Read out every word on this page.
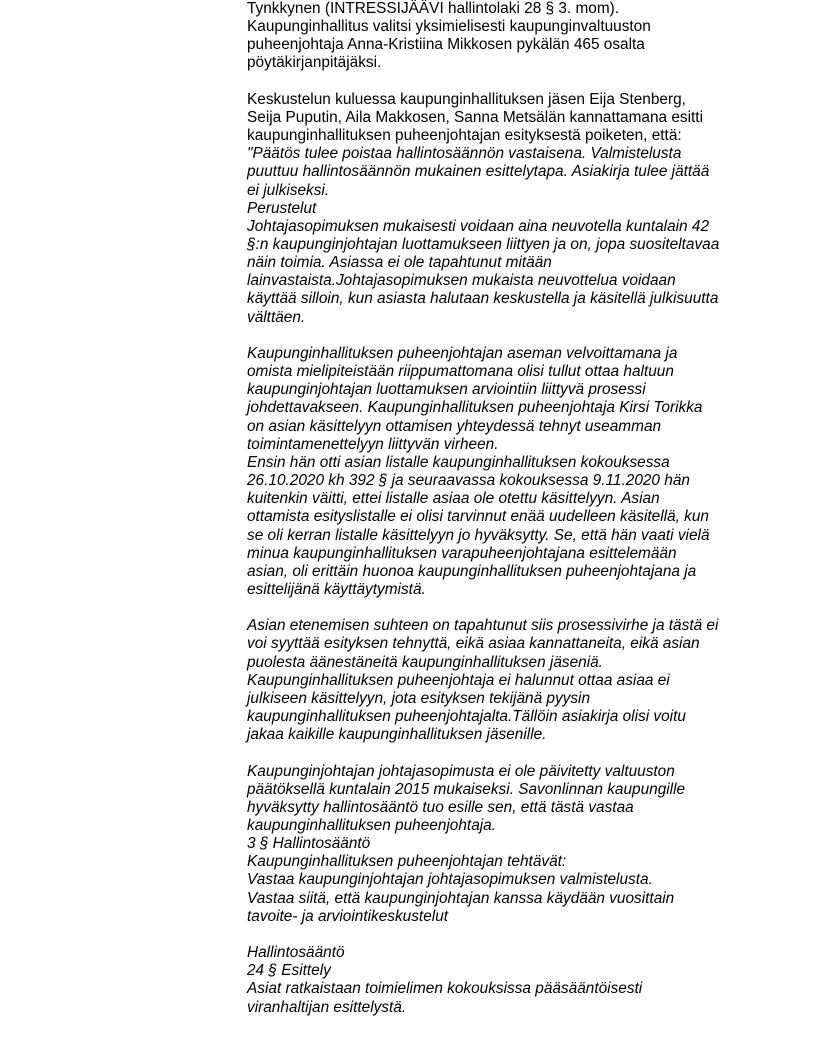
Tynkkynen (INTRESSIJÄÄVI hallintolaki 28 § 3. mom).
Kaupunginhallitus valitsi yksimielisesti kaupunginvaltuuston
puheenjohtaja Anna-Kristiina Mikkosen pykälän 465 osalta
pöytäkirjanpitäjäksi.
Keskustelun kuluessa kaupunginhallituksen jäsen Eija Stenberg,
Seija Puputin, Aila Makkosen, Sanna Metsälän kannattamana esitti
kaupunginhallituksen puheenjohtajan esityksestä poiketen, että:
"Päätös tulee poistaa hallintosäännön vastaisena. Valmistelusta
puuttuu hallintosäännön mukainen esittelytapa. Asiakirja tulee jättää
ei julkiseksi.
Perustelut
Johtajasopimuksen mukaisesti voidaan aina neuvotella kuntalain 42
§:n kaupunginjohtajan luottamukseen liittyen ja on, jopa suositeltavaa
näin toimia. Asiassa ei ole tapahtunut mitään
lainvastaista.Johtajasopimuksen mukaista neuvottelua voidaan
käyttää silloin, kun asiasta halutaan keskustella ja käsitellä julkisuutta
välttäen.
Kaupunginhallituksen puheenjohtajan aseman velvoittamana ja
omista mielipiteistään riippumattomana olisi tullut ottaa haltuun
kaupunginjohtajan luottamuksen arviointiin liittyvä prosessi
johdettavakseen. Kaupunginhallituksen puheenjohtaja Kirsi Torikka
on asian käsittelyyn ottamisen yhteydessä tehnyt useamman
toimintamenettelyyn liittyvän virheen.
Ensin hän otti asian listalle kaupunginhallituksen kokouksessa
26.10.2020 kh 392 § ja seuraavassa kokouksessa 9.11.2020 hän
kuitenkin väitti, ettei listalle asiaa ole otettu käsittelyyn. Asian
ottamista esityslistalle ei olisi tarvinnut enää uudelleen käsitellä, kun
se oli kerran listalle käsittelyyn jo hyväksytty. Se, että hän vaati vielä
minua kaupunginhallituksen varapuheenjohtajana esittelemään
asian, oli erittäin huonoa kaupunginhallituksen puheenjohtajana ja
esittelijänä käyttäytymistä.
Asian etenemisen suhteen on tapahtunut siis prosessivirhe ja tästä ei
voi syyttää esityksen tehnyttä, eikä asiaa kannattaneita, eikä asian
puolesta äänestäneitä kaupunginhallituksen jäseniä.
Kaupunginhallituksen puheenjohtaja ei halunnut ottaa asiaa ei
julkiseen käsittelyyn, jota esityksen tekijänä pyysin
kaupunginhallituksen puheenjohtajalta.Tällöin asiakirja olisi voitu
jakaa kaikille kaupunginhallituksen jäsenille.
Kaupunginjohtajan johtajasopimusta ei ole päivitetty valtuuston
päätöksellä kuntalain 2015 mukaiseksi. Savonlinnan kaupungille
hyväksytty hallintosääntö tuo esille sen, että tästä vastaa
kaupunginhallituksen puheenjohtaja.
3 § Hallintosääntö
Kaupunginhallituksen puheenjohtajan tehtävät:
Vastaa kaupunginjohtajan johtajasopimuksen valmistelusta.
Vastaa siitä, että kaupunginjohtajan kanssa käydään vuosittain
tavoite- ja arviointikeskustelut
Hallintosääntö
24 § Esittely
Asiat ratkaistaan toimielimen kokouksissa pääsääntöisesti
viranhaltijan esittelystä.
